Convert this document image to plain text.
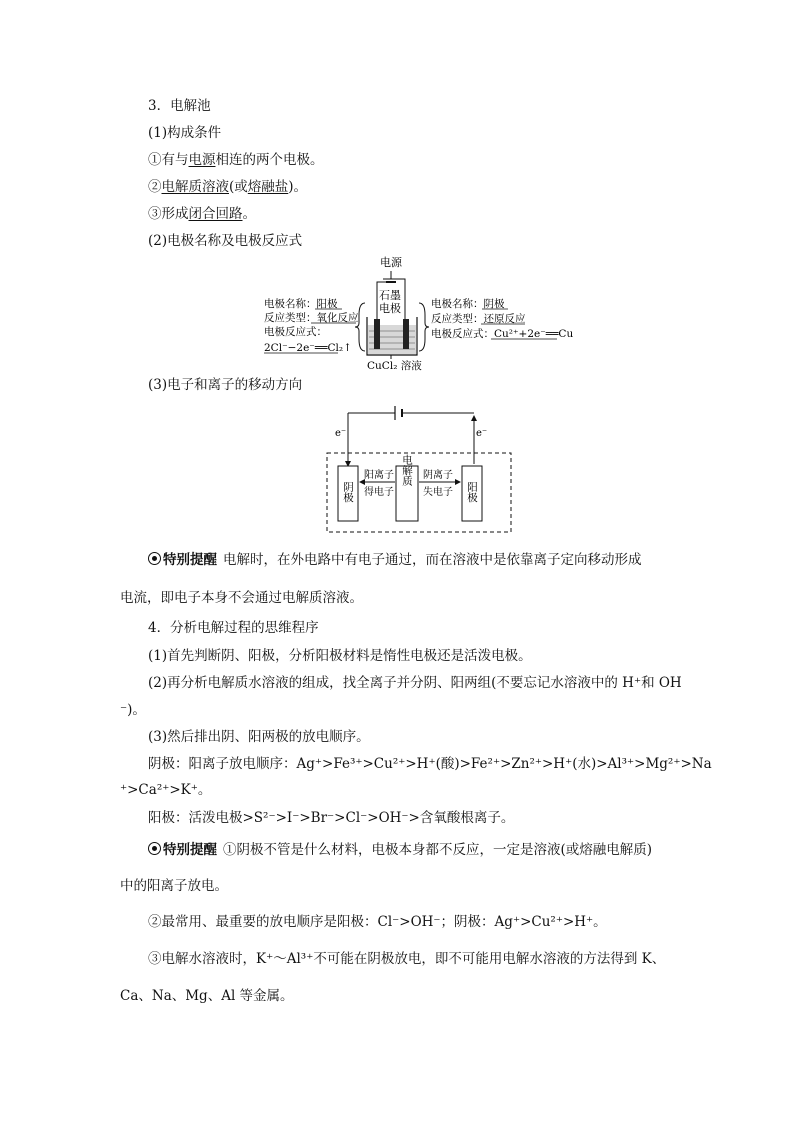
3．电解池
(1)构成条件
①有与电源相连的两个电极。
②电解质溶液(或熔融盐)。
③形成闭合回路。
(2)电极名称及电极反应式
电源
石墨
电极
电极名称：阳极
反应类型：氧化反应
电极反应式：
2Cl⁻−2e⁻══Cl₂↑
电极名称：阴极
反应类型：还原反应
电极反应式：Cu²⁺+2e⁻══Cu
CuCl₂ 溶液
(3)电子和离子的移动方向
e⁻	e⁻
阴极	阳极
电解质
阳离子
得电子
阴离子
失电子
特别提醒 电解时，在外电路中有电子通过，而在溶液中是依靠离子定向移动形成
电流，即电子本身不会通过电解质溶液。
4．分析电解过程的思维程序
(1)首先判断阴、阳极，分析阳极材料是惰性电极还是活泼电极。
(2)再分析电解质水溶液的组成，找全离子并分阴、阳两组(不要忘记水溶液中的 H⁺和 OH
⁻)。
(3)然后排出阴、阳两极的放电顺序。
阴极：阳离子放电顺序：Ag⁺>Fe³⁺>Cu²⁺>H⁺(酸)>Fe²⁺>Zn²⁺>H⁺(水)>Al³⁺>Mg²⁺>Na
⁺>Ca²⁺>K⁺。
阳极：活泼电极>S²⁻>I⁻>Br⁻>Cl⁻>OH⁻>含氧酸根离子。
特别提醒 ①阴极不管是什么材料，电极本身都不反应，一定是溶液(或熔融电解质)
中的阳离子放电。
②最常用、最重要的放电顺序是阳极：Cl⁻>OH⁻；阴极：Ag⁺>Cu²⁺>H⁺。
③电解水溶液时，K⁺～Al³⁺不可能在阴极放电，即不可能用电解水溶液的方法得到 K、
Ca、Na、Mg、Al 等金属。
